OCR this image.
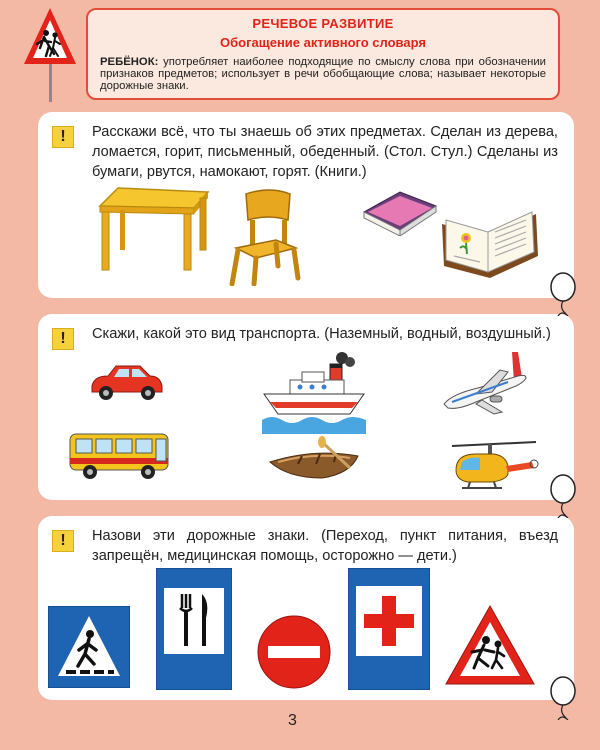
РЕЧЕВОЕ РАЗВИТИЕ
Обогащение активного словаря
РЕБЁНОК: употребляет наиболее подходящие по смыслу слова при обозначении признаков предметов; использует в речи обобщающие слова; называет некоторые дорожные знаки.
!	Расскажи всё, что ты знаешь об этих предметах. Сделан из дерева, ломается, горит, письменный, обеденный. (Стол. Стул.) Сделаны из бумаги, рвутся, намокают, горят. (Книги.)
!	Скажи, какой это вид транспорта. (Наземный, водный, воздушный.)
!	Назови эти дорожные знаки. (Переход, пункт питания, въезд запрещён, медицинская помощь, осторожно — дети.)
3
